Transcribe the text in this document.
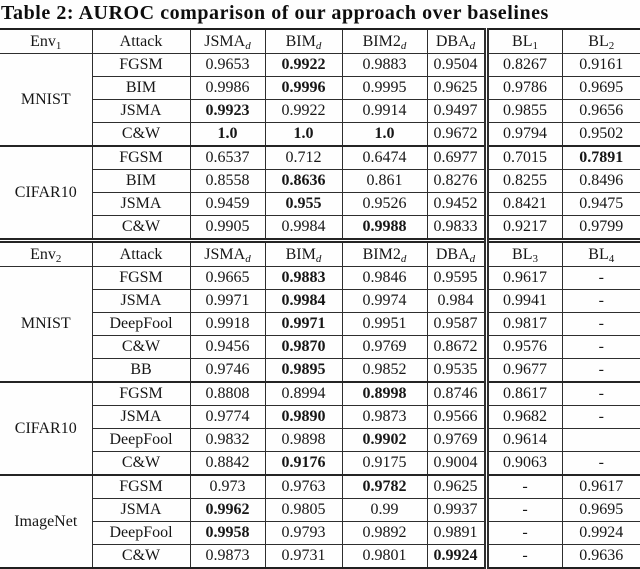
Table 2: AUROC comparison of our approach over baselines
Env$_1$	Attack	$JSMA_d$	$BIM_d$	$BIM2_d$	$DBA_d$	$BL_1$	$BL_2$
MNIST	FGSM	0.9653	0.9922	0.9883	0.9504	0.8267	0.9161
	BIM	0.9986	0.9996	0.9995	0.9625	0.9786	0.9695
	JSMA	0.9923	0.9922	0.9914	0.9497	0.9855	0.9656
	C&W	1.0	1.0	1.0	0.9672	0.9794	0.9502
CIFAR10	FGSM	0.6537	0.712	0.6474	0.6977	0.7015	0.7891
	BIM	0.8558	0.8636	0.861	0.8276	0.8255	0.8496
	JSMA	0.9459	0.955	0.9526	0.9452	0.8421	0.9475
	C&W	0.9905	0.9984	0.9988	0.9833	0.9217	0.9799
Env$_2$	Attack	$JSMA_d$	$BIM_d$	$BIM2_d$	$DBA_d$	$BL_3$	$BL_4$
MNIST	FGSM	0.9665	0.9883	0.9846	0.9595	0.9617	-
	JSMA	0.9971	0.9984	0.9974	0.984	0.9941	-
	DeepFool	0.9918	0.9971	0.9951	0.9587	0.9817	-
	C&W	0.9456	0.9870	0.9769	0.8672	0.9576	-
	BB	0.9746	0.9895	0.9852	0.9535	0.9677	-
CIFAR10	FGSM	0.8808	0.8994	0.8998	0.8746	0.8617	-
	JSMA	0.9774	0.9890	0.9873	0.9566	0.9682	-
	DeepFool	0.9832	0.9898	0.9902	0.9769	0.9614	
	C&W	0.8842	0.9176	0.9175	0.9004	0.9063	-
ImageNet	FGSM	0.973	0.9763	0.9782	0.9625	-	0.9617
	JSMA	0.9962	0.9805	0.99	0.9937	-	0.9695
	DeepFool	0.9958	0.9793	0.9892	0.9891	-	0.9924
	C&W	0.9873	0.9731	0.9801	0.9924	-	0.9636
